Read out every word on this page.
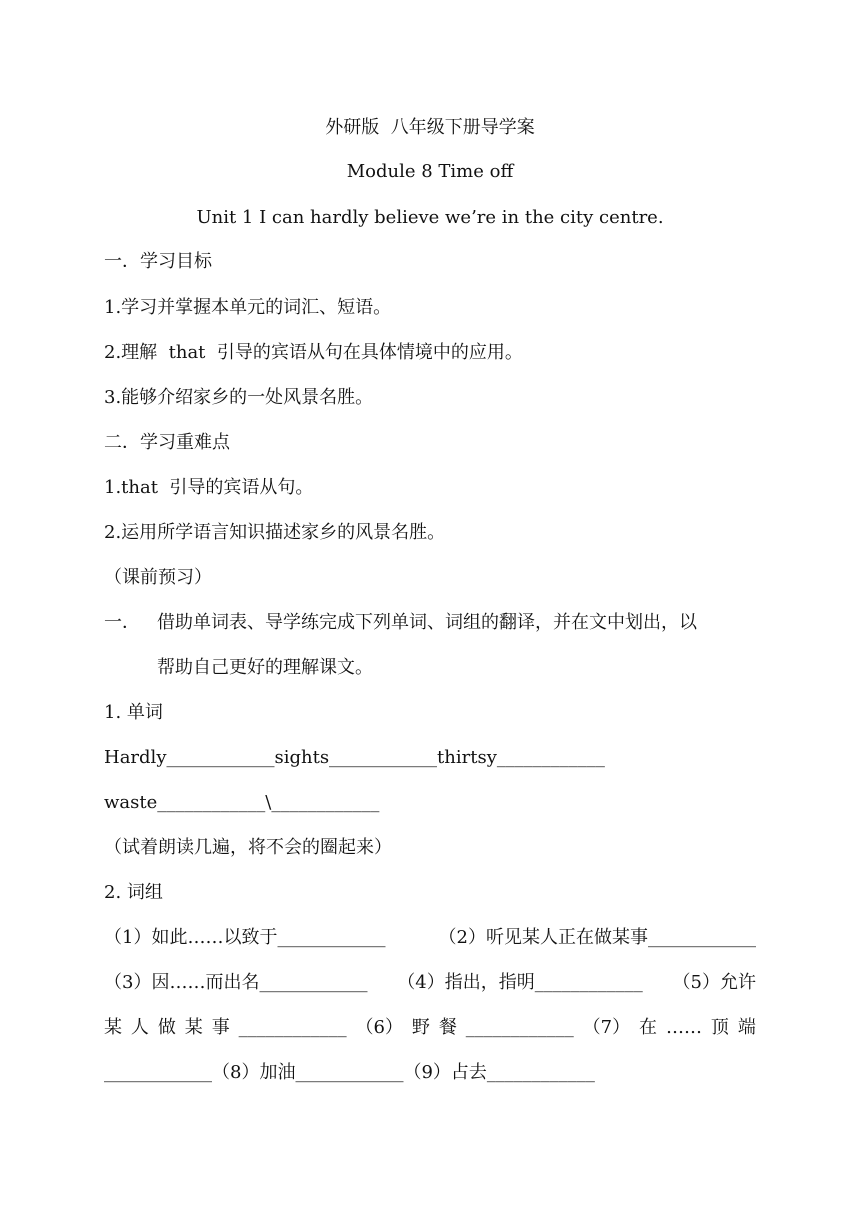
外研版  八年级下册导学案
Module 8 Time off
Unit 1 I can hardly believe we’re in the city centre.
一．学习目标
1.学习并掌握本单元的词汇、短语。
2.理解  that  引导的宾语从句在具体情境中的应用。
3.能够介绍家乡的一处风景名胜。
二．学习重难点
1.that  引导的宾语从句。
2.运用所学语言知识描述家乡的风景名胜。
（课前预习）
一． 借助单词表、导学练完成下列单词、词组的翻译，并在文中划出，以
帮助自己更好的理解课文。
1. 单词
Hardly____________sights____________thirtsy____________
waste____________\____________
（试着朗读几遍，将不会的圈起来）
2. 词组
（1）如此……以致于____________	（2）听见某人正在做某事____________
（3）因……而出名____________ （4）指出，指明____________ （5）允许
某 人 做 某 事 ____________ （6） 野 餐 ____________ （7） 在 …… 顶 端
____________（8）加油____________（9）占去____________
